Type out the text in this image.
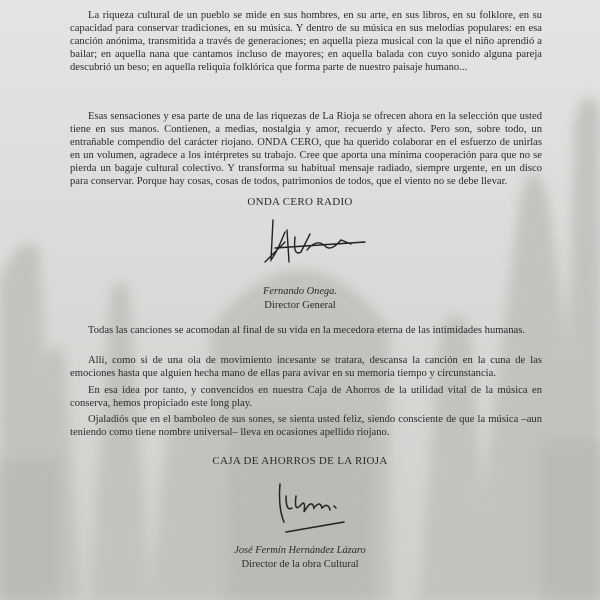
La riqueza cultural de un pueblo se mide en sus hombres, en su arte, en sus libros, en su folklore, en su capacidad para conservar tradiciones, en su música. Y dentro de su música en sus melodías populares: en esa canción anónima, transmitida a través de generaciones; en aquella pieza musical con la que el niño aprendió a bailar; en aquella nana que cantamos incluso de mayores; en aquella balada con cuyo sonido alguna pareja descubrió un beso; en aquella reliquia folklórica que forma parte de nuestro paisaje humano...

Esas sensaciones y esa parte de una de las riquezas de La Rioja se ofrecen ahora en la selección que usted tiene en sus manos. Contienen, a medias, nostalgia y amor, recuerdo y afecto. Pero son, sobre todo, un entrañable compendio del carácter riojano. ONDA CERO, que ha querido colaborar en el esfuerzo de unirlas en un volumen, agradece a los intérpretes su trabajo. Cree que aporta una mínima cooperación para que no se pierda un bagaje cultural colectivo. Y transforma su habitual mensaje radiado, siempre urgente, en un disco para conservar. Porque hay cosas, cosas de todos, patrimonios de todos, que el viento no se debe llevar.

ONDA CERO RADIO
Fernando Onega.
Director General

Todas las canciones se acomodan al final de su vida en la mecedora eterna de las intimidades humanas.

Allí, como si de una ola de movimiento incesante se tratara, descansa la canción en la cuna de las emociones hasta que alguien hecha mano de ellas para avivar en su memoria tiempo y circunstancia.

En esa idea por tanto, y convencidos en nuestra Caja de Ahorros de la utilidad vital de la música en conserva, hemos propiciado este long play.

Ojaladiós que en el bamboleo de sus sones, se sienta usted feliz, siendo consciente de que la música –aun teniendo como tiene nombre universal– lleva en ocasiones apellido riojano.

CAJA DE AHORROS DE LA RIOJA
José Fermín Hernández Lázaro
Director de la obra Cultural
